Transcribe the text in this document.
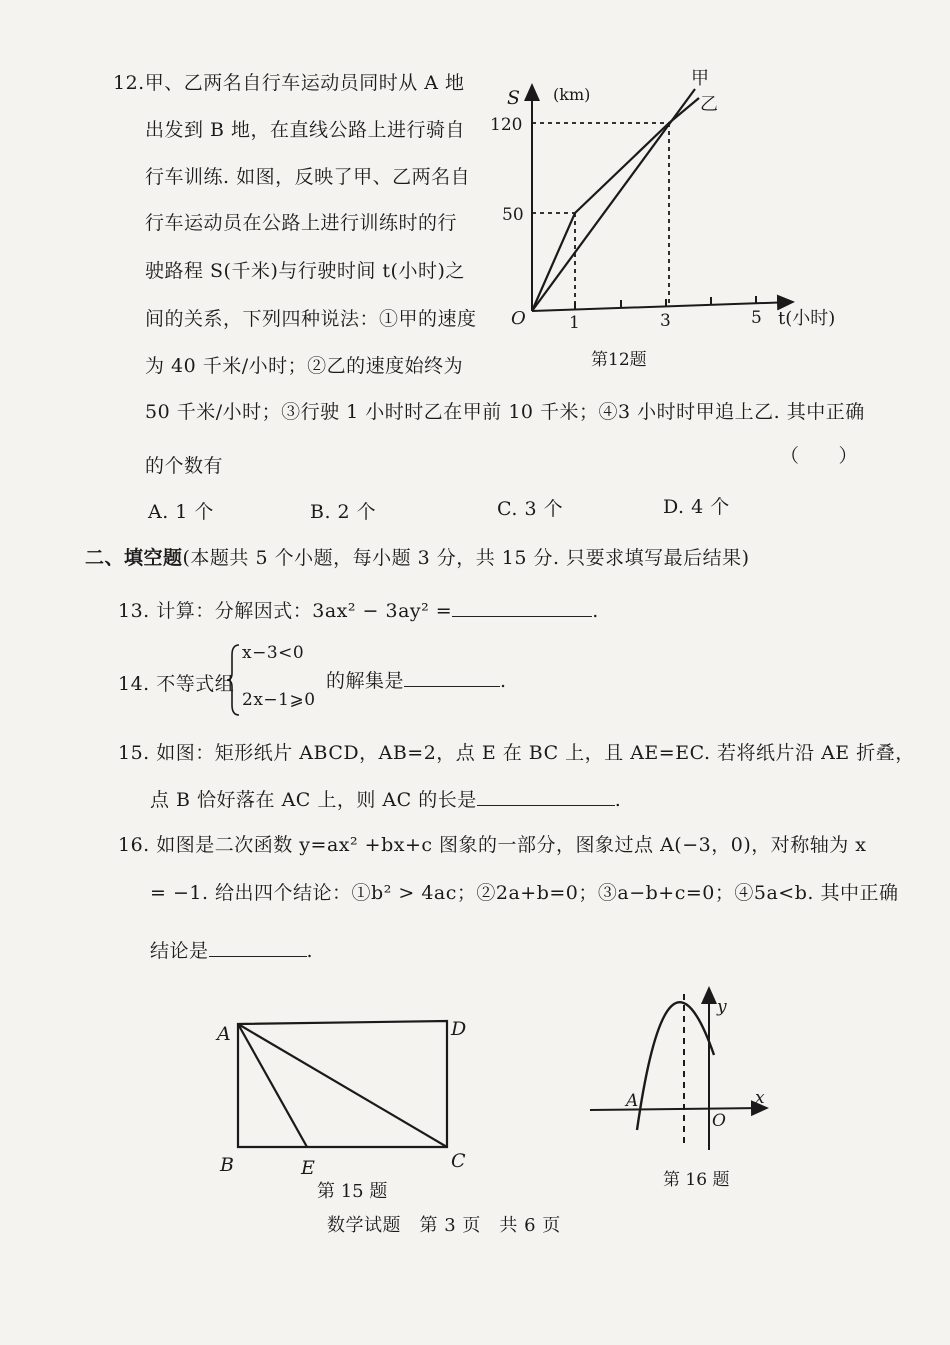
12.甲、乙两名自行车运动员同时从 A 地
出发到 B 地，在直线公路上进行骑自
行车训练. 如图，反映了甲、乙两名自
行车运动员在公路上进行训练时的行
驶路程 S(千米)与行驶时间 t(小时)之
间的关系，下列四种说法：①甲的速度
为 40 千米/小时；②乙的速度始终为
50 千米/小时；③行驶 1 小时时乙在甲前 10 千米；④3 小时时甲追上乙. 其中正确
的个数有	（　　）
A. 1 个	B. 2 个	C. 3 个	D. 4 个
S (km)
120
50
O	1	3	5 t(小时)
甲
乙
第12题
二、填空题(本题共 5 个小题，每小题 3 分，共 15 分. 只要求填写最后结果)
13. 计算：分解因式：3ax² − 3ay² =	.
14. 不等式组
x−3<0
2x−1⩾0
的解集是	.
15. 如图：矩形纸片 ABCD，AB=2，点 E 在 BC 上，且 AE=EC. 若将纸片沿 AE 折叠，
点 B 恰好落在 AC 上，则 AC 的长是	.
16. 如图是二次函数 y=ax² +bx+c 图象的一部分，图象过点 A(−3，0)，对称轴为 x
= −1. 给出四个结论：①b² > 4ac；②2a+b=0；③a−b+c=0；④5a<b. 其中正确
结论是	.
A	D
B	E	C
第 15 题
y
x
A
O
第 16 题
数学试题　第 3 页　共 6 页
